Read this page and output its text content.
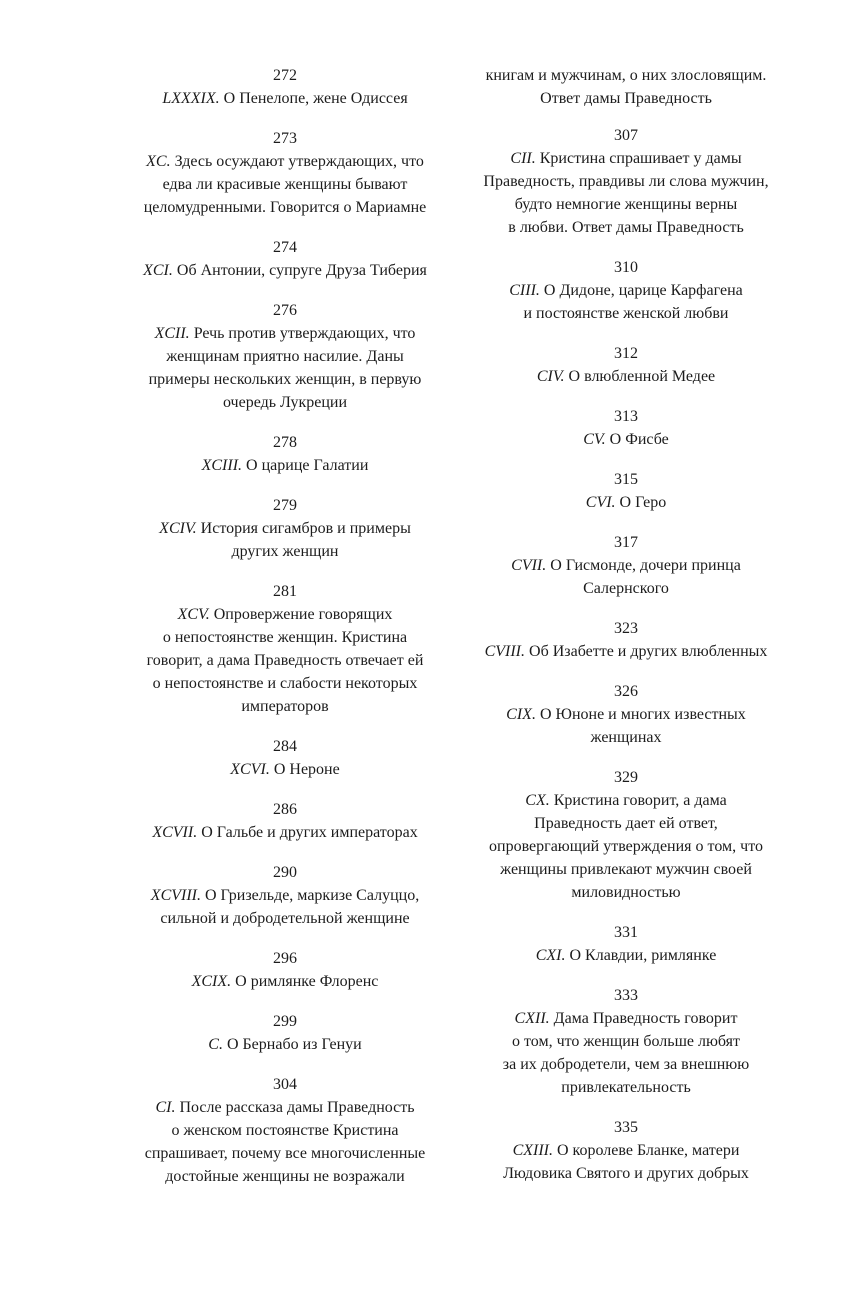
272
LXXXIX. О Пенелопе, жене Одиссея
273
XC. Здесь осуждают утверждающих, что
едва ли красивые женщины бывают
целомудренными. Говорится о Мариамне
274
XCI. Об Антонии, супруге Друза Тиберия
276
XCII. Речь против утверждающих, что
женщинам приятно насилие. Даны
примеры нескольких женщин, в первую
очередь Лукреции
278
XCIII. О царице Галатии
279
XCIV. История сигамбров и примеры
других женщин
281
XCV. Опровержение говорящих
о непостоянстве женщин. Кристина
говорит, а дама Праведность отвечает ей
о непостоянстве и слабости некоторых
императоров
284
XCVI. О Нероне
286
XCVII. О Гальбе и других императорах
290
XCVIII. О Гризельде, маркизе Салуццо,
сильной и добродетельной женщине
296
XCIX. О римлянке Флоренс
299
C. О Бернабо из Генуи
304
CI. После рассказа дамы Праведность
о женском постоянстве Кристина
спрашивает, почему все многочисленные
достойные женщины не возражали
книгам и мужчинам, о них злословящим.
Ответ дамы Праведность
307
CII. Кристина спрашивает у дамы
Праведность, правдивы ли слова мужчин,
будто немногие женщины верны
в любви. Ответ дамы Праведность
310
CIII. О Дидоне, царице Карфагена
и постоянстве женской любви
312
CIV. О влюбленной Медее
313
CV. О Фисбе
315
CVI. О Геро
317
CVII. О Гисмонде, дочери принца
Салернского
323
CVIII. Об Изабетте и других влюбленных
326
CIX. О Юноне и многих известных
женщинах
329
CX. Кристина говорит, а дама
Праведность дает ей ответ,
опровергающий утверждения о том, что
женщины привлекают мужчин своей
миловидностью
331
CXI. О Клавдии, римлянке
333
CXII. Дама Праведность говорит
о том, что женщин больше любят
за их добродетели, чем за внешнюю
привлекательность
335
CXIII. О королеве Бланке, матери
Людовика Святого и других добрых
